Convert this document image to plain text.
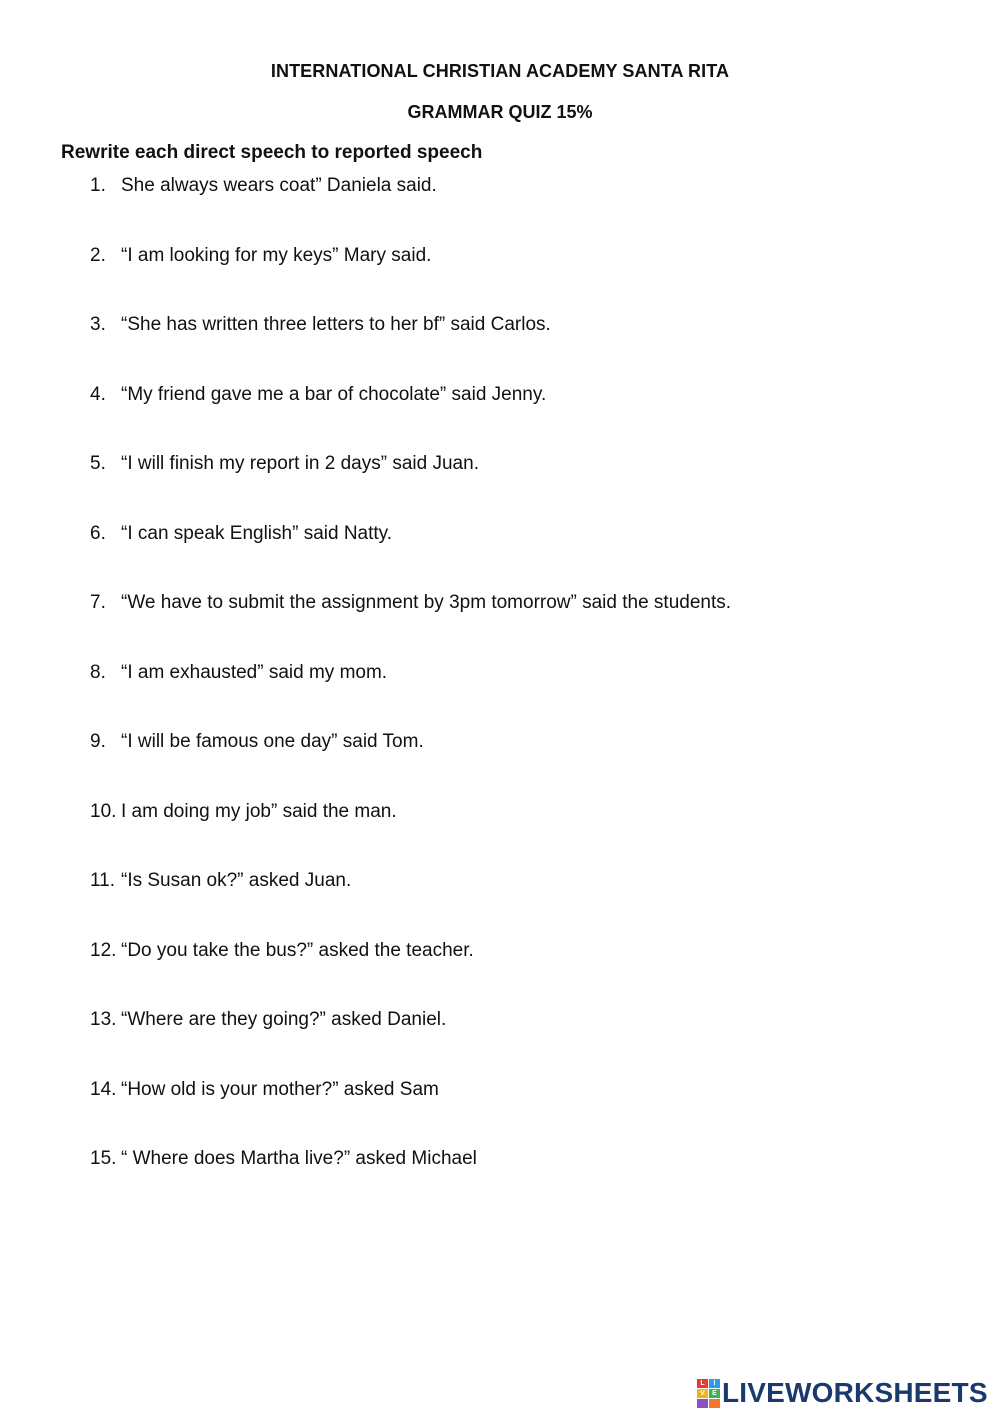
INTERNATIONAL CHRISTIAN ACADEMY SANTA RITA
GRAMMAR QUIZ 15%
Rewrite each direct speech to reported speech
1. She always wears coat” Daniela said.
2. “I am looking for my keys” Mary said.
3. “She has written three letters to her bf” said Carlos.
4. “My friend gave me a bar of chocolate” said Jenny.
5. “I will finish my report in 2 days” said Juan.
6. “I can speak English” said Natty.
7. “We have to submit the assignment by 3pm tomorrow” said the students.
8. “I am exhausted” said my mom.
9. “I will be famous one day” said Tom.
10. I am doing my job” said the man.
11. “Is Susan ok?” asked Juan.
12. “Do you take the bus?” asked the teacher.
13. “Where are they going?” asked Daniel.
14. “How old is your mother?” asked Sam
15. “ Where does Martha live?” asked Michael
L	I
V	E LIVEWORKSHEETS
